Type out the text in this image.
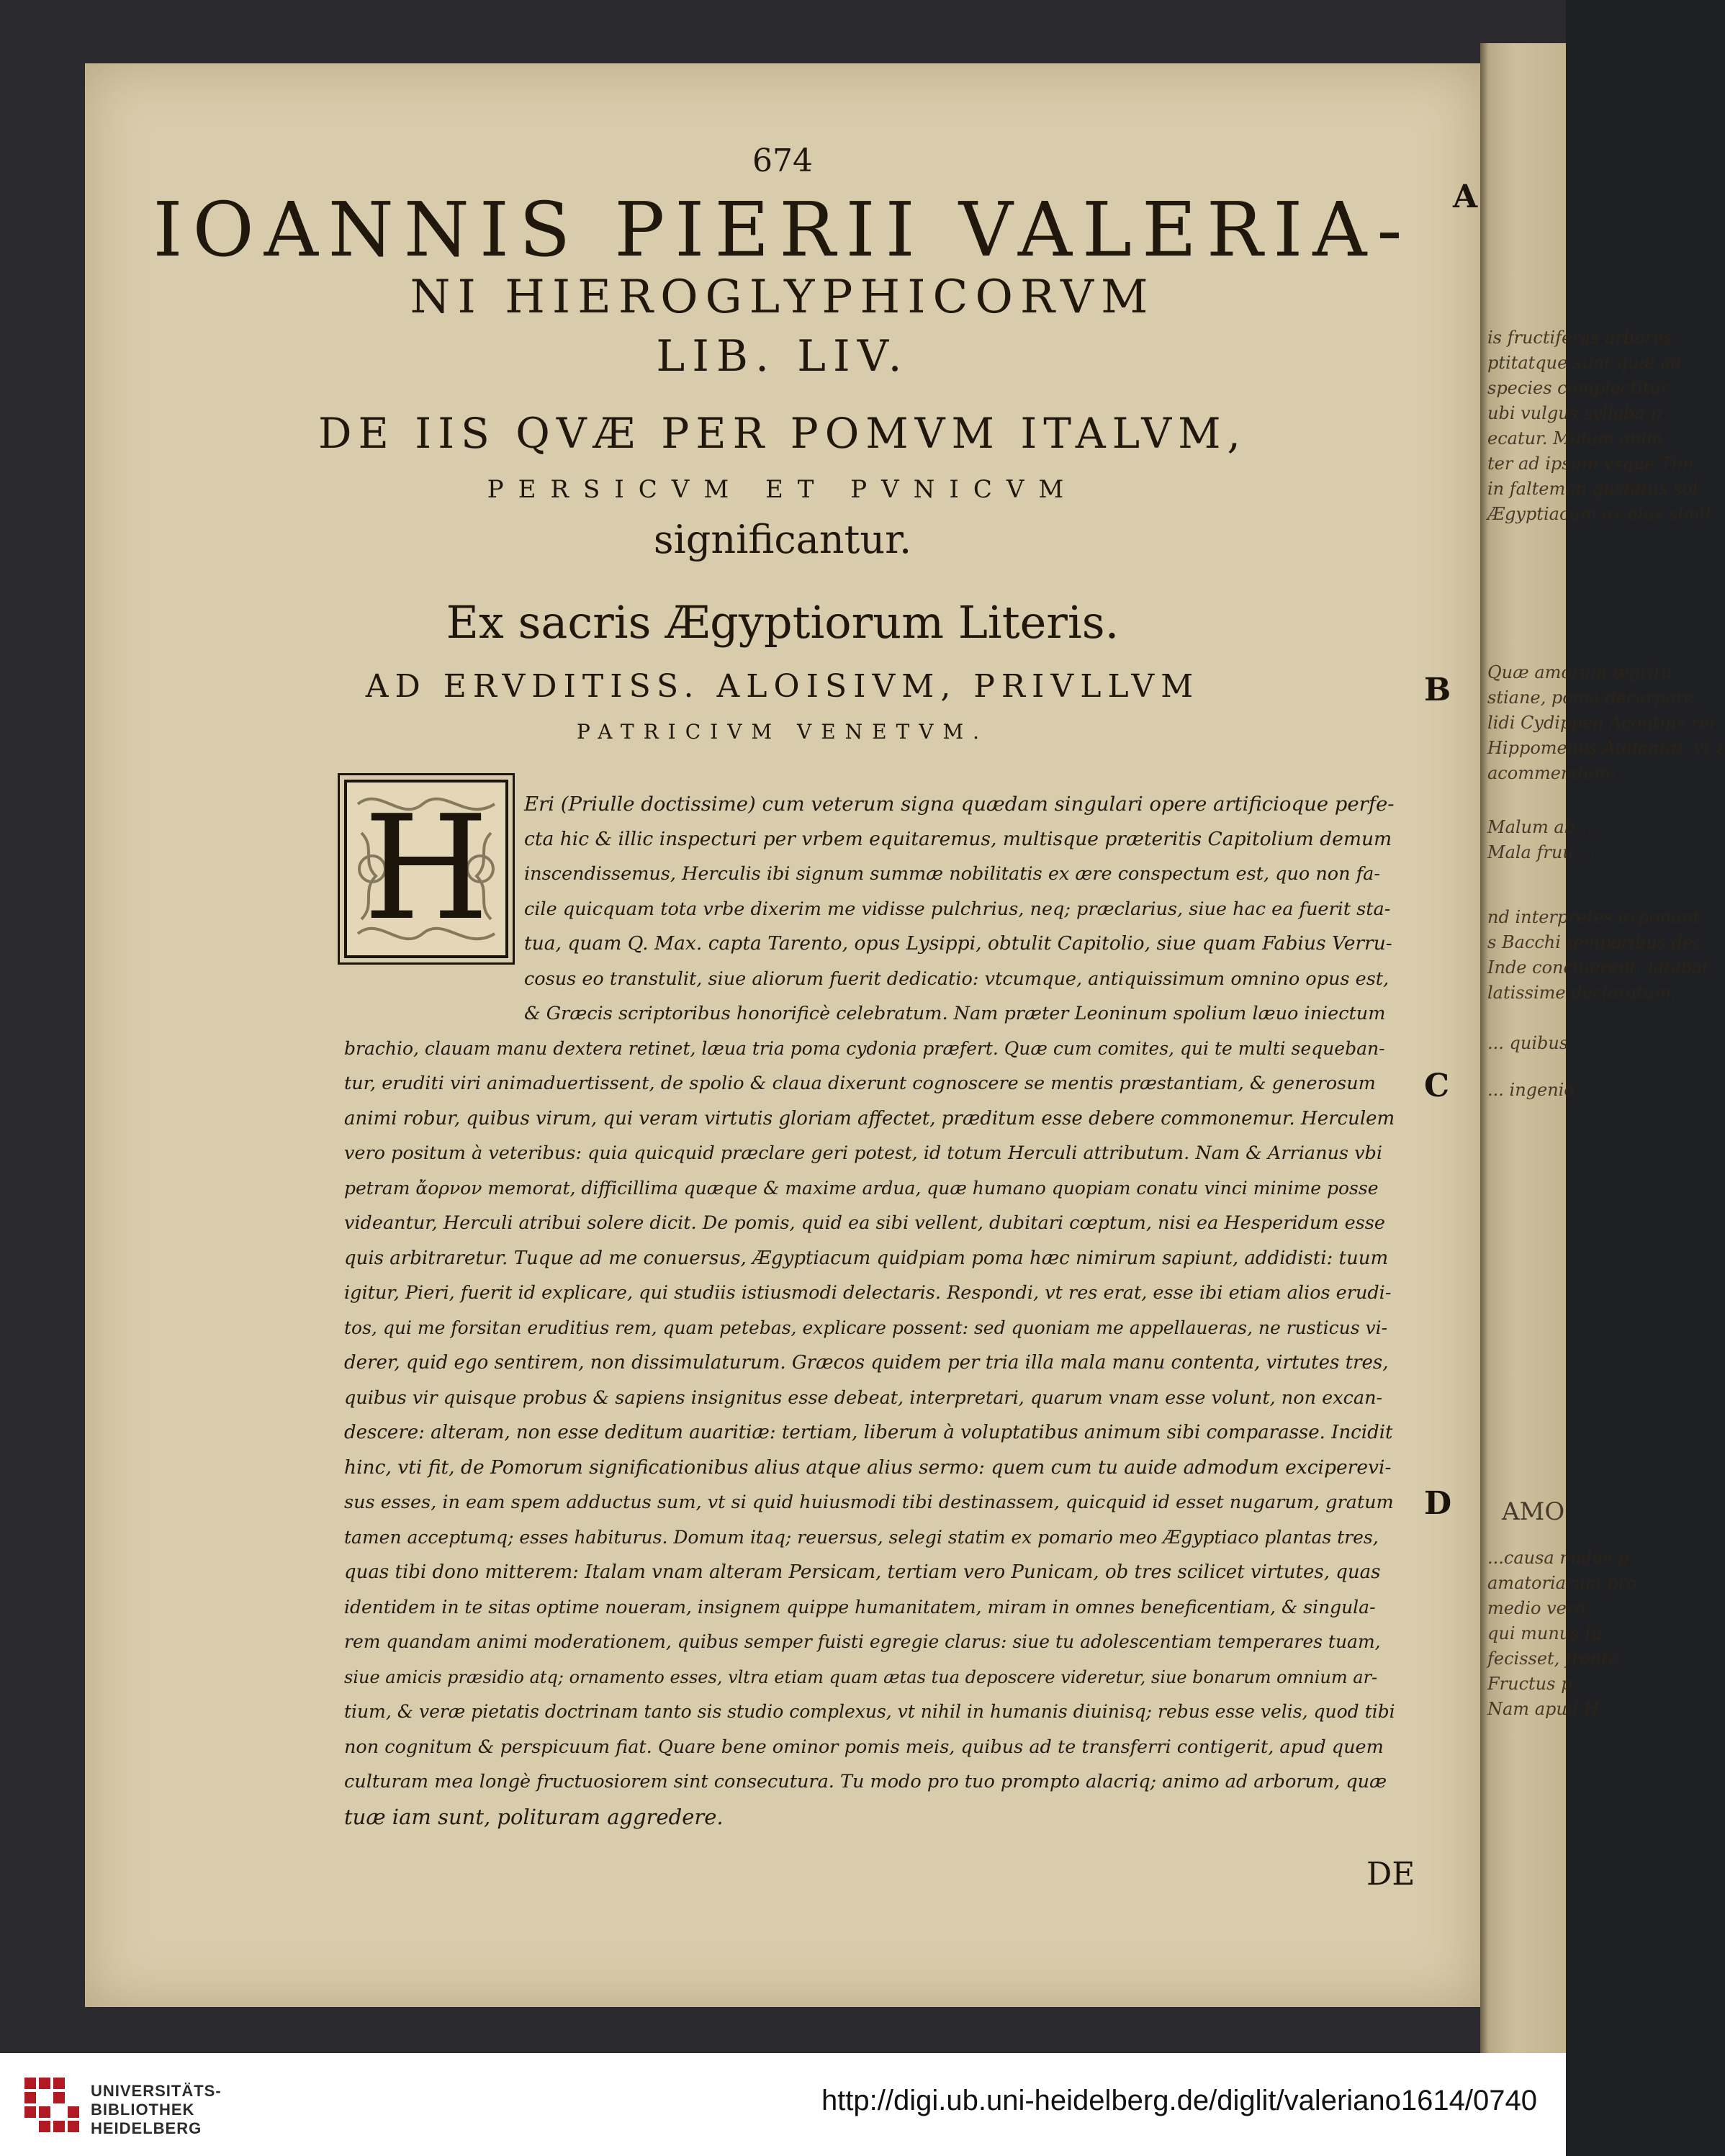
674
IOANNIS PIERII VALERIA-
NI HIEROGLYPHICORVM
LIB. LIV.
DE IIS QVÆ PER POMVM ITALVM,
PERSICVM ET PVNICVM
significantur.
Ex sacris Ægyptiorum Literis.
AD ERVDITISS. ALOISIVM, PRIVLLVM
PATRICIVM VENETVM.
A
B
C
D
H	Eri (Priulle doctissime) cum veterum signa quædam singulari opere artificioque perfe-
cta hic & illic inspecturi per vrbem equitaremus, multisque præteritis Capitolium demum
inscendissemus, Herculis ibi signum summæ nobilitatis ex ære conspectum est, quo non fa-
cile quicquam tota vrbe dixerim me vidisse pulchrius, neq; præclarius, siue hac ea fuerit sta-
tua, quam Q. Max. capta Tarento, opus Lysippi, obtulit Capitolio, siue quam Fabius Verru-
cosus eo transtulit, siue aliorum fuerit dedicatio: vtcumque, antiquissimum omnino opus est,
& Græcis scriptoribus honorificè celebratum. Nam præter Leoninum spolium læuo iniectum
brachio, clauam manu dextera retinet, læua tria poma cydonia præfert. Quæ cum comites, qui te multi sequeban-
tur, eruditi viri animaduertissent, de spolio & claua dixerunt cognoscere se mentis præstantiam, & generosum
animi robur, quibus virum, qui veram virtutis gloriam affectet, præditum esse debere commonemur. Herculem
vero positum à veteribus: quia quicquid præclare geri potest, id totum Herculi attributum. Nam & Arrianus vbi
petram ἄορνον memorat, difficillima quæque & maxime ardua, quæ humano quopiam conatu vinci minime posse
videantur, Herculi atribui solere dicit. De pomis, quid ea sibi vellent, dubitari cœptum, nisi ea Hesperidum esse
quis arbitraretur. Tuque ad me conuersus, Ægyptiacum quidpiam poma hæc nimirum sapiunt, addidisti: tuum
igitur, Pieri, fuerit id explicare, qui studiis istiusmodi delectaris. Respondi, vt res erat, esse ibi etiam alios erudi-
tos, qui me forsitan eruditius rem, quam petebas, explicare possent: sed quoniam me appellaueras, ne rusticus vi-
derer, quid ego sentirem, non dissimulaturum. Græcos quidem per tria illa mala manu contenta, virtutes tres,
quibus vir quisque probus & sapiens insignitus esse debeat, interpretari, quarum vnam esse volunt, non excan-
descere: alteram, non esse deditum auaritiæ: tertiam, liberum à voluptatibus animum sibi comparasse. Incidit
hinc, vti fit, de Pomorum significationibus alius atque alius sermo: quem cum tu auide admodum exciperevi-
sus esses, in eam spem adductus sum, vt si quid huiusmodi tibi destinassem, quicquid id esset nugarum, gratum
tamen acceptumq; esses habiturus. Domum itaq; reuersus, selegi statim ex pomario meo Ægyptiaco plantas tres,
quas tibi dono mitterem: Italam vnam alteram Persicam, tertiam vero Punicam, ob tres scilicet virtutes, quas
identidem in te sitas optime noueram, insignem quippe humanitatem, miram in omnes beneficentiam, & singula-
rem quandam animi moderationem, quibus semper fuisti egregie clarus: siue tu adolescentiam temperares tuam,
siue amicis præsidio atq; ornamento esses, vltra etiam quam ætas tua deposcere videretur, siue bonarum omnium ar-
tium, & veræ pietatis doctrinam tanto sis studio complexus, vt nihil in humanis diuinisq; rebus esse velis, quod tibi
non cognitum & perspicuum fiat. Quare bene ominor pomis meis, quibus ad te transferri contigerit, apud quem
culturam mea longè fructuosiorem sint consecutura. Tu modo pro tuo prompto alacriq; animo ad arborum, quæ
tuæ iam sunt, polituram aggredere.
DE
is fructiferas arbores
ptitatque sunt quæ ad
species complectitur
ubi vulgus syllaba p
ecatur. Malum enim
ter ad ipsum vsque Tim
in faltemon gustatus sol
Ægyptiacum ex eius simil
Quæ amorum ægritu
stiane, poma decerpere,
lidi Cydippen Acontius rei
Hippomenes Atalantæ, vt z
acommendum:
Malum ab ...
Mala fruu ...
nd interpretes exponunt
s Bacchi temporibus dec
Inde conciuerent: latebat
latissime declaratum.
... quibus
... ingenio
AMO
...causa malus p
amatoriarum pro
medio vero,
qui munus fu
fecisset, fronte
Fructus p
Nam apud H
UNIVERSITÄTS-
BIBLIOTHEK
HEIDELBERG
http://digi.ub.uni-heidelberg.de/diglit/valeriano1614/0740
